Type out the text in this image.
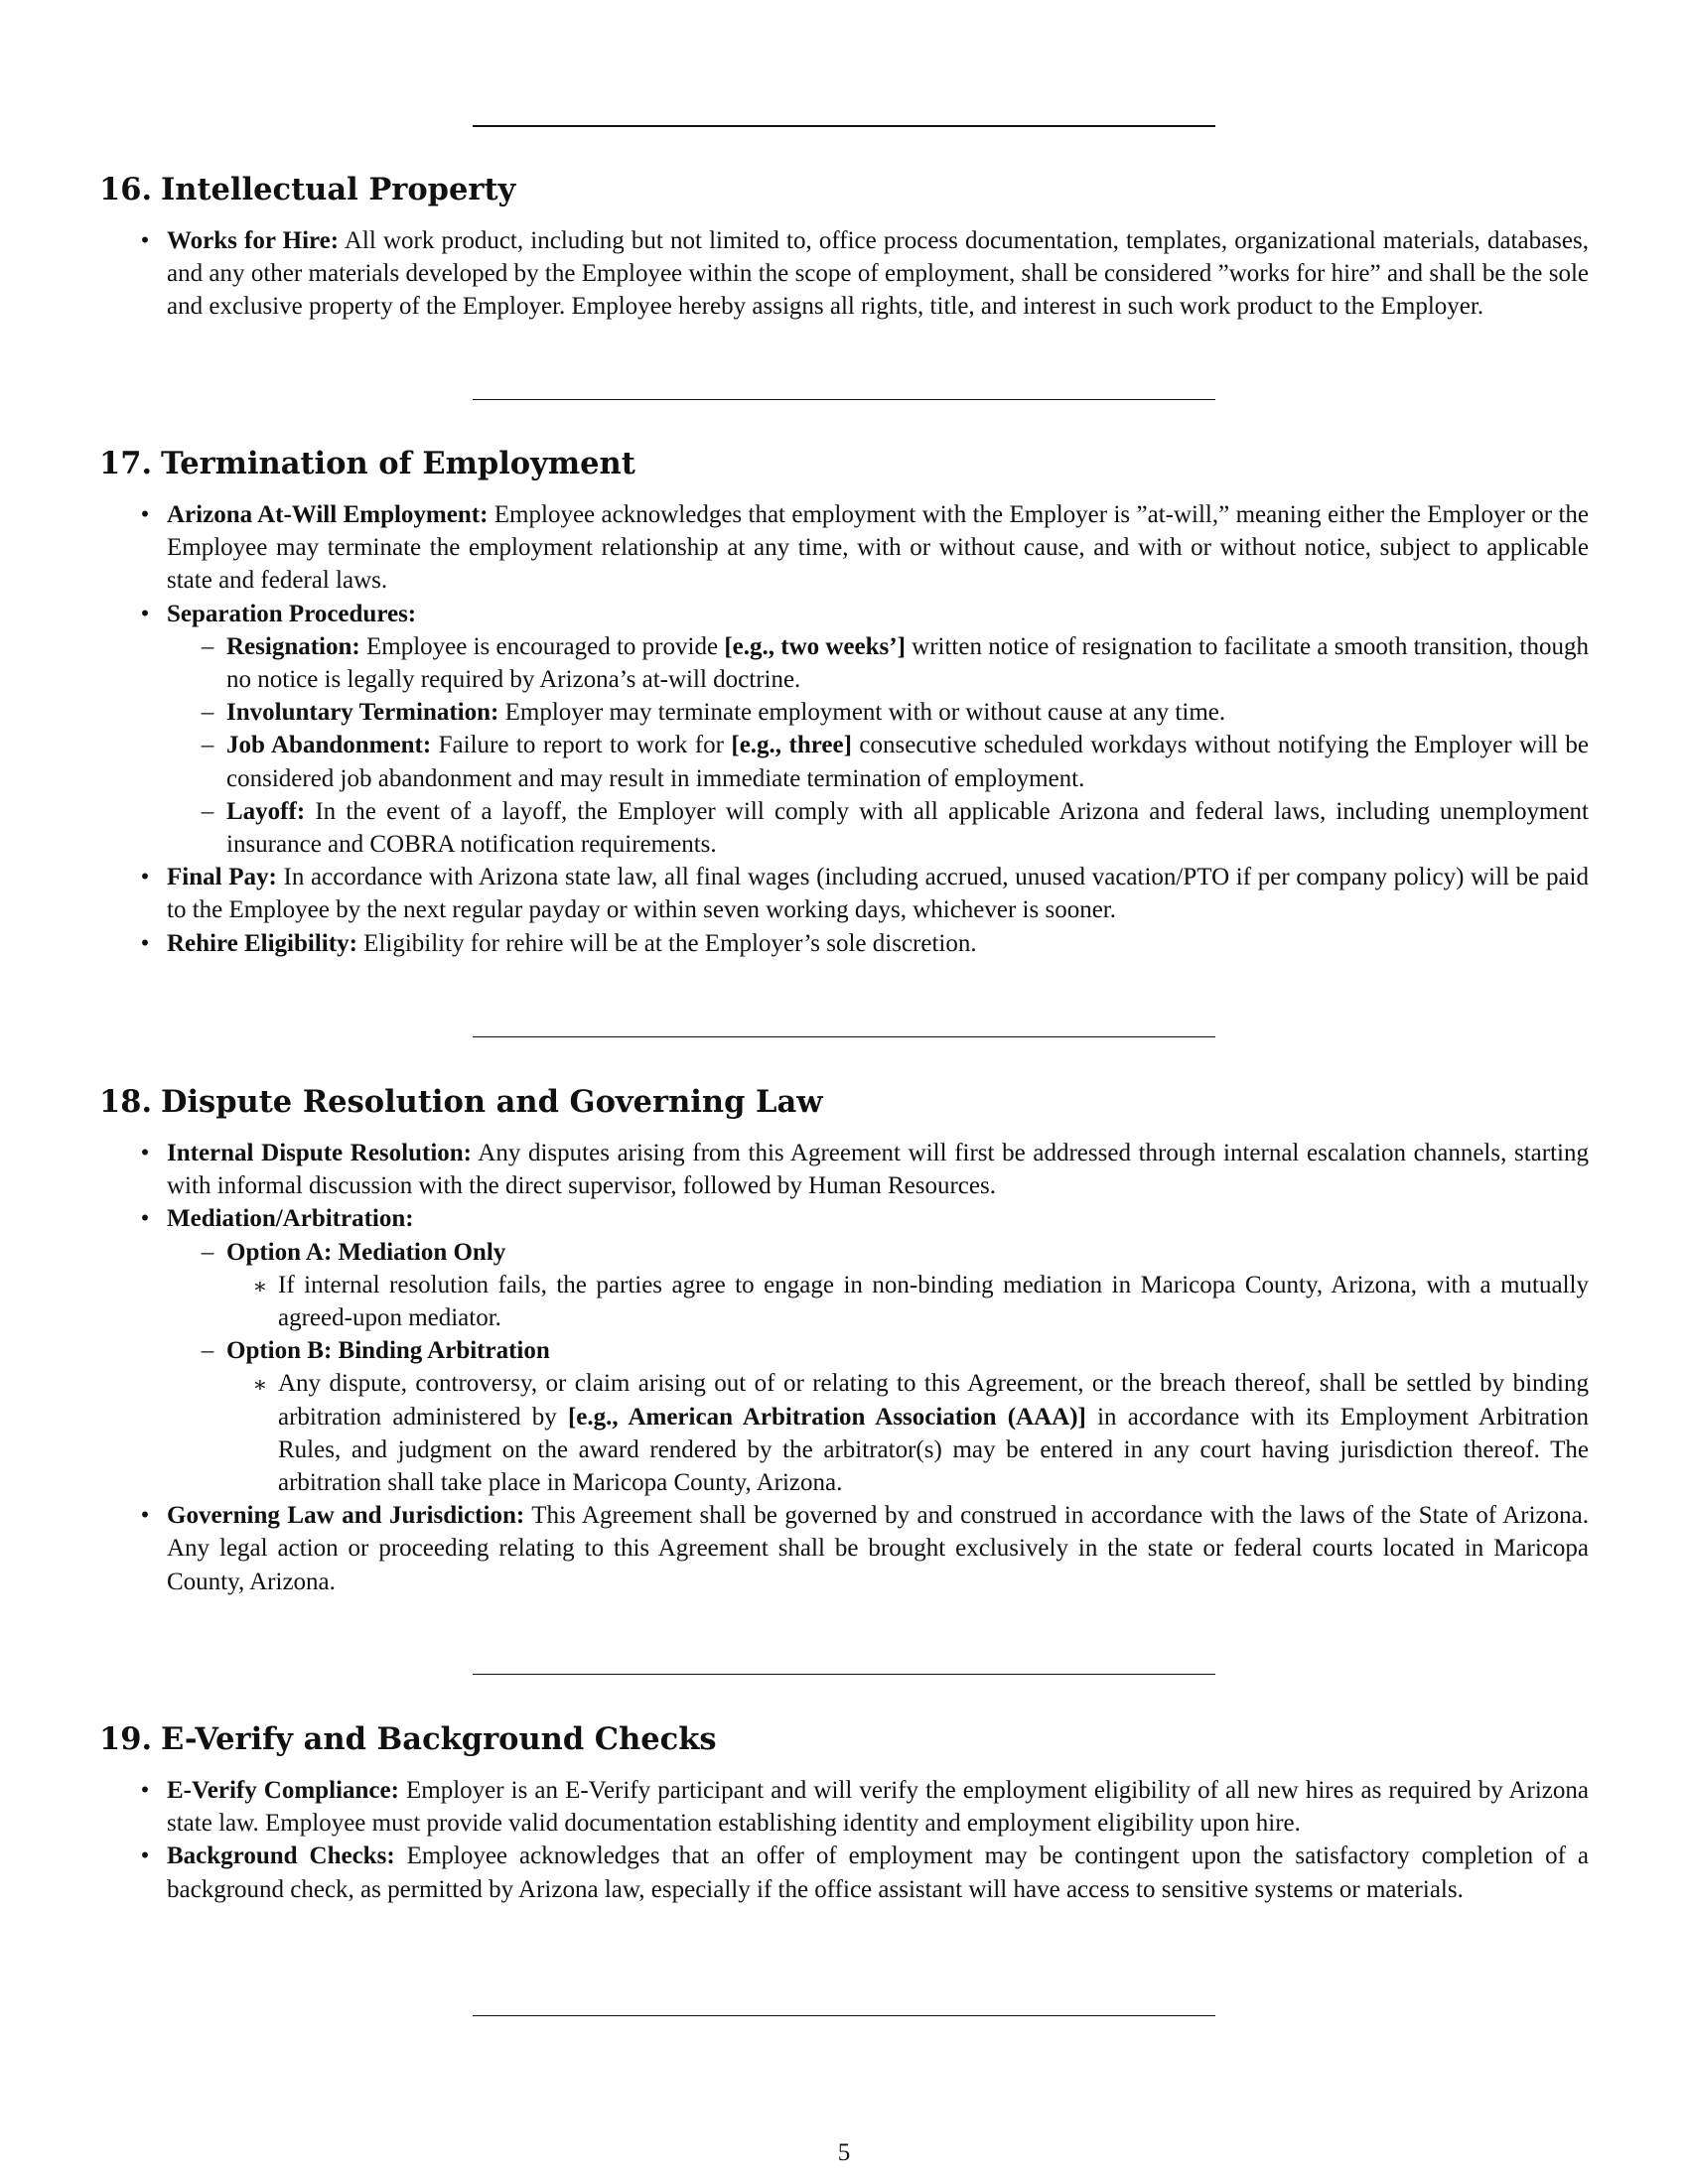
16. Intellectual Property

• Works for Hire: All work product, including but not limited to, office process documentation, templates, organizational materials, databases, and any other materials developed by the Employee within the scope of employment, shall be considered ”works for hire” and shall be the sole and exclusive property of the Employer. Employee hereby assigns all rights, title, and interest in such work product to the Employer.

17. Termination of Employment

• Arizona At-Will Employment: Employee acknowledges that employment with the Employer is ”at-will,” meaning either the Employer or the Employee may terminate the employment relationship at any time, with or without cause, and with or without notice, subject to applicable state and federal laws.

• Separation Procedures:

– Resignation: Employee is encouraged to provide [e.g., two weeks’] written notice of resignation to facilitate a smooth transition, though no notice is legally required by Arizona’s at-will doctrine.

– Involuntary Termination: Employer may terminate employment with or without cause at any time.

– Job Abandonment: Failure to report to work for [e.g., three] consecutive scheduled workdays without notifying the Employer will be considered job abandonment and may result in immediate termination of employment.

– Layoff: In the event of a layoff, the Employer will comply with all applicable Arizona and federal laws, including unemployment insurance and COBRA notification requirements.

• Final Pay: In accordance with Arizona state law, all final wages (including accrued, unused vacation/PTO if per company policy) will be paid to the Employee by the next regular payday or within seven working days, whichever is sooner.

• Rehire Eligibility: Eligibility for rehire will be at the Employer’s sole discretion.

18. Dispute Resolution and Governing Law

• Internal Dispute Resolution: Any disputes arising from this Agreement will first be addressed through internal escalation channels, starting with informal discussion with the direct supervisor, followed by Human Resources.

• Mediation/Arbitration:

– Option A: Mediation Only

∗ If internal resolution fails, the parties agree to engage in non-binding mediation in Maricopa County, Arizona, with a mutually agreed-upon mediator.

– Option B: Binding Arbitration

∗ Any dispute, controversy, or claim arising out of or relating to this Agreement, or the breach thereof, shall be settled by binding arbitration administered by [e.g., American Arbitration Association (AAA)] in accordance with its Employment Arbitration Rules, and judgment on the award rendered by the arbitrator(s) may be entered in any court having jurisdiction thereof. The arbitration shall take place in Maricopa County, Arizona.

• Governing Law and Jurisdiction: This Agreement shall be governed by and construed in accordance with the laws of the State of Arizona. Any legal action or proceeding relating to this Agreement shall be brought exclusively in the state or federal courts located in Maricopa County, Arizona.

19. E-Verify and Background Checks

• E-Verify Compliance: Employer is an E-Verify participant and will verify the employment eligibility of all new hires as required by Arizona state law. Employee must provide valid documentation establishing identity and employment eligibility upon hire.

• Background Checks: Employee acknowledges that an offer of employment may be contingent upon the satisfactory completion of a background check, as permitted by Arizona law, especially if the office assistant will have access to sensitive systems or materials.

5
